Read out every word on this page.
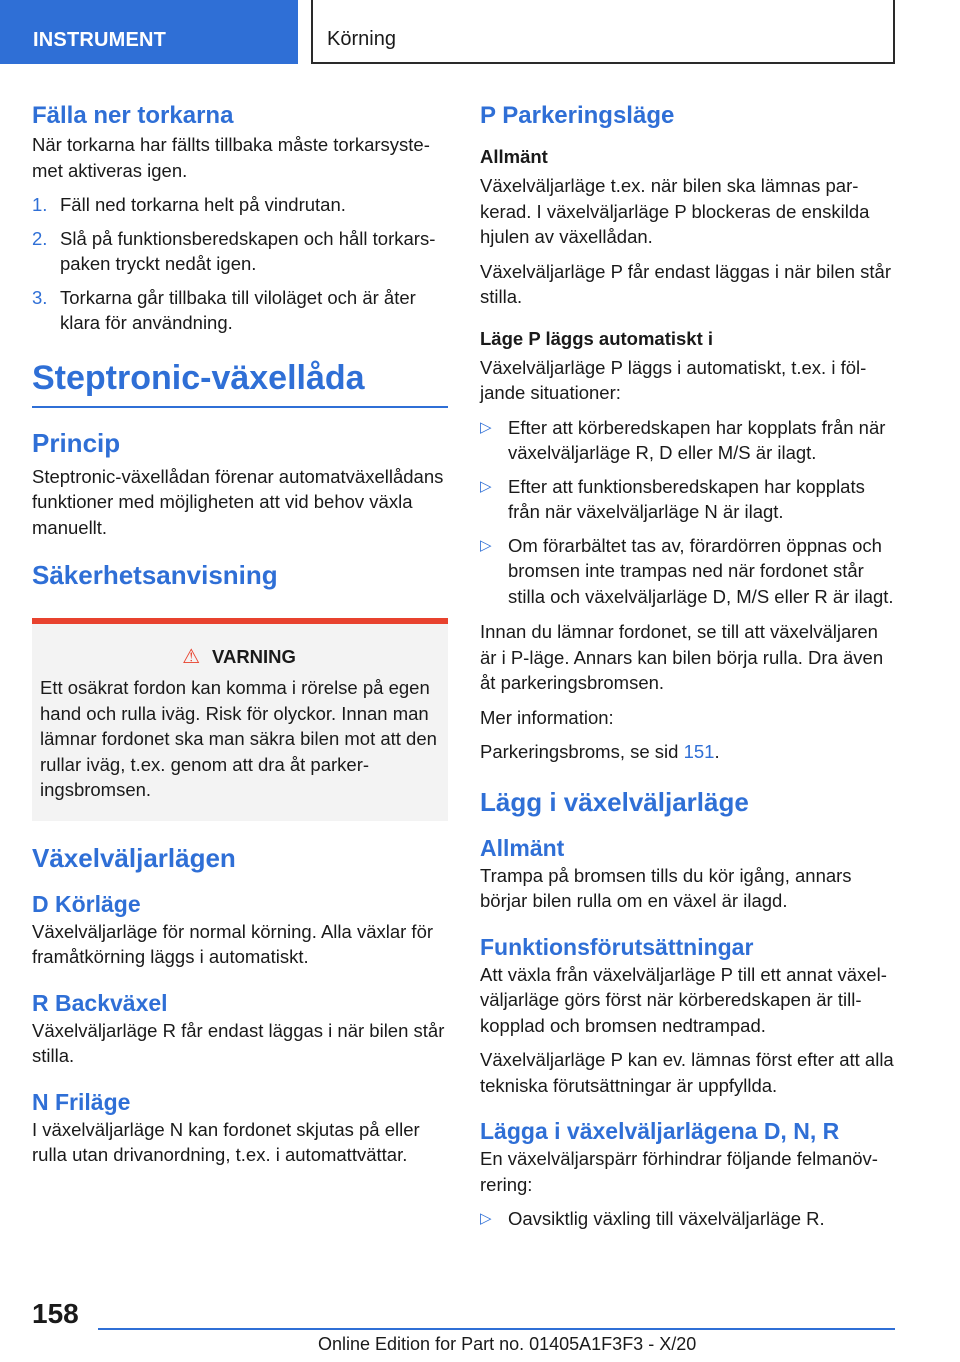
INSTRUMENT	Körning
Fälla ner torkarna

När torkarna har fällts tillbaka måste torkarsystemet aktiveras igen.

1. Fäll ned torkarna helt på vindrutan.
2. Slå på funktionsberedskapen och håll torkarspaken tryckt nedåt igen.
3. Torkarna går tillbaka till viloläget och är åter klara för användning.
Steptronic-växellåda
Princip

Steptronic-växellådan förenar automatväxellådans funktioner med möjligheten att vid behov växla manuellt.

Säkerhetsanvisning
⚠ VARNING

Ett osäkrat fordon kan komma i rörelse på egen hand och rulla iväg. Risk för olyckor. Innan man lämnar fordonet ska man säkra bilen mot att den rullar iväg, t.ex. genom att dra åt parkeringsbromsen.

Växelväljarlägen
D Körläge

Växelväljarläge för normal körning. Alla växlar för framåtkörning läggs i automatiskt.

R Backväxel

Växelväljarläge R får endast läggas i när bilen står stilla.

N Friläge

I växelväljarläge N kan fordonet skjutas på eller rulla utan drivanordning, t.ex. i automattvättar.

P Parkeringsläge
Allmänt

Växelväljarläge t.ex. när bilen ska lämnas parkerad. I växelväljarläge P blockeras de enskilda hjulen av växellådan.

Växelväljarläge P får endast läggas i när bilen står stilla.

Läge P läggs automatiskt i

Växelväljarläge P läggs i automatiskt, t.ex. i följande situationer:

▷ Efter att körberedskapen har kopplats från när växelväljarläge R, D eller M/S är ilagt.
▷ Efter att funktionsberedskapen har kopplats från när växelväljarläge N är ilagt.
▷ Om förarbältet tas av, förardörren öppnas och bromsen inte trampas ned när fordonet står stilla och växelväljarläge D, M/S eller R är ilagt.

Innan du lämnar fordonet, se till att växelväljaren är i P-läge. Annars kan bilen börja rulla. Dra även åt parkeringsbromsen.

Mer information:

Parkeringsbroms, se sid 151.

Lägg i växelväljarläge
Allmänt

Trampa på bromsen tills du kör igång, annars börjar bilen rulla om en växel är ilagd.

Funktionsförutsättningar

Att växla från växelväljarläge P till ett annat växelväljarläge görs först när körberedskapen är tillkopplad och bromsen nedtrampad.

Växelväljarläge P kan ev. lämnas först efter att alla tekniska förutsättningar är uppfyllda.

Lägga i växelväljarlägena D, N, R

En växelväljarspärr förhindrar följande felmanövrering:

▷ Oavsiktlig växling till växelväljarläge R.
158
Online Edition for Part no. 01405A1F3F3 - X/20
